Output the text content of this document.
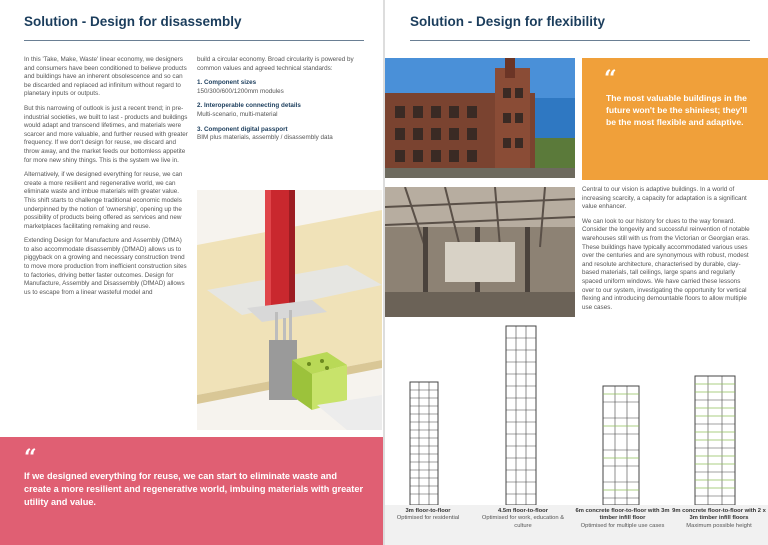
Solution - Design for disassembly

In this 'Take, Make, Waste' linear economy, we designers and consumers have been conditioned to believe products and buildings have an inherent obsolescence and so can be discarded and replaced ad infinitum without regard to planetary inputs or outputs.

But this narrowing of outlook is just a recent trend; in pre-industrial societies, we built to last - products and buildings would adapt and transcend lifetimes, and materials were scarcer and more valuable, and further reused with greater frequency. If we don't design for reuse, we discard and throw away, and the market feeds our bottomless appetite for more new shiny things. This is the system we live in.

Alternatively, if we designed everything for reuse, we can create a more resilient and regenerative world, we can eliminate waste and imbue materials with greater value. This shift starts to challenge traditional economic models underpinned by the notion of 'ownership', opening up the possibility of products being offered as services and new marketplaces facilitating remaking and reuse.

Extending Design for Manufacture and Assembly (DfMA) to also accommodate disassembly (DfMAD) allows us to piggyback on a growing and necessary construction trend to move more production from inefficient construction sites to factories, driving better faster outcomes. Design for Manufacture, Assembly and Disassembly (DfMAD) allows us to escape from a linear wasteful model and

build a circular economy. Broad circularity is powered by common values and agreed technical standards:

1. Component sizes

150/300/600/1200mm modules

2. Interoperable connecting details

Multi-scenario, multi-material

3. Component digital passport

BIM plus materials, assembly / disassembly data

“
If we designed everything for reuse, we can start to eliminate waste and create a more resilient and regenerative world, imbuing materials with greater utility and value.
Solution - Design for flexibility
“
The most valuable buildings in the future won't be the shiniest; they'll be the most flexible and adaptive.

Central to our vision is adaptive buildings. In a world of increasing scarcity, a capacity for adaptation is a significant value enhancer.

We can look to our history for clues to the way forward. Consider the longevity and successful reinvention of notable warehouses still with us from the Victorian or Georgian eras. These buildings have typically accommodated various uses over the centuries and are synonymous with robust, modest and resolute architecture, characterised by durable, clay-based materials, tall ceilings, large spans and regularly spaced uniform windows. We have carried these lessons over to our system, investigating the opportunity for vertical flexing and introducing demountable floors to allow multiple use cases.

3m floor-to-floor
Optimised for residential
4.5m floor-to-floor
Optimised for work, education & culture
6m concrete floor-to-floor with 3m timber infill floor
Optimised for multiple use cases
9m concrete floor-to-floor with 2 x 3m timber infill floors
Maximum possible height
